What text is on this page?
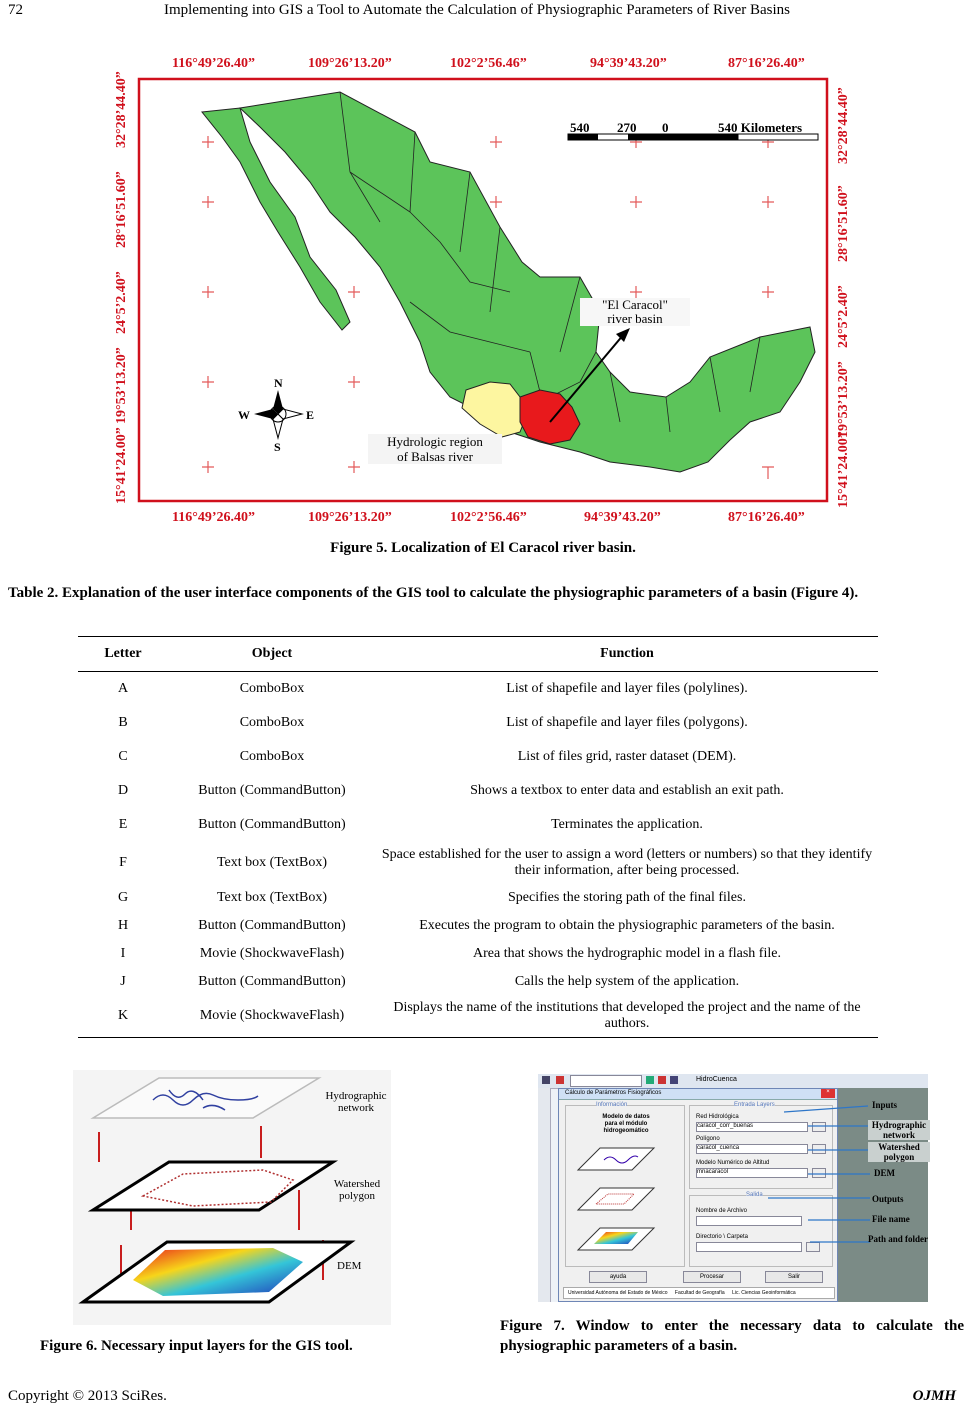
72	Implementing into GIS a Tool to Automate the Calculation of Physiographic Parameters of River Basins
116°49’26.40”	109°26’13.20”	102°2’56.46”	94°39’43.20”	87°16’26.40”
116°49’26.40”	109°26’13.20”	102°2’56.46”	94°39’43.20”	87°16’26.40”
32°28’44.40”
28°16’51.60”
24°5’2.40”
19°53’13.20”
15°41’24.00”
32°28’44.40”
28°16’51.60”
24°5’2.40”
19°53’13.20”
15°41’24.00”
540 270 0	540 Kilometers
N
S
E
W
"El Caracol"
river basin
Hydrologic region
of Balsas river
Figure 5. Localization of El Caracol river basin.
Table 2. Explanation of the user interface components of the GIS tool to calculate the physiographic parameters of a basin (Figure 4).
Letter	Object	Function
A	ComboBox	List of shapefile and layer files (polylines).
B	ComboBox	List of shapefile and layer files (polygons).
C	ComboBox	List of files grid, raster dataset (DEM).
D	Button (CommandButton)	Shows a textbox to enter data and establish an exit path.
E	Button (CommandButton)	Terminates the application.
F	Text box (TextBox)	Space established for the user to assign a word (letters or numbers) so that they identify their information, after being processed.
G	Text box (TextBox)	Specifies the storing path of the final files.
H	Button (CommandButton)	Executes the program to obtain the physiographic parameters of the basin.
I	Movie (ShockwaveFlash)	Area that shows the hydrographic model in a flash file.
J	Button (CommandButton)	Calls the help system of the application.
K	Movie (ShockwaveFlash)	Displays the name of the institutions that developed the project and the name of the authors.
Hydrographic network
Watershed polygon
DEM
Figure 6. Necessary input layers for the GIS tool.
HidroCuenca
Cálculo de Parámetros Fisiográficos	×
Información
Modelo de datos
para el módulo
hidrogeomático
Entrada Layers
Red Hidrológica
caracol_corr_buenas
Polígono
caracol_cuenca
Modelo Numérico de Altitud
mnacaracol
Salida
Nombre de Archivo
Directorio \ Carpeta
ayuda	Procesar	Salir
Universidad Autónoma del Estado de México Facultad de Geografía Lic. Ciencias Geoinformática
Inputs
Hydrographic network
Watershed polygon
DEM
Outputs
File name
Path and folder
Figure 7. Window to enter the necessary data to calculate the physiographic parameters of a basin.
Copyright © 2013 SciRes.	OJMH
